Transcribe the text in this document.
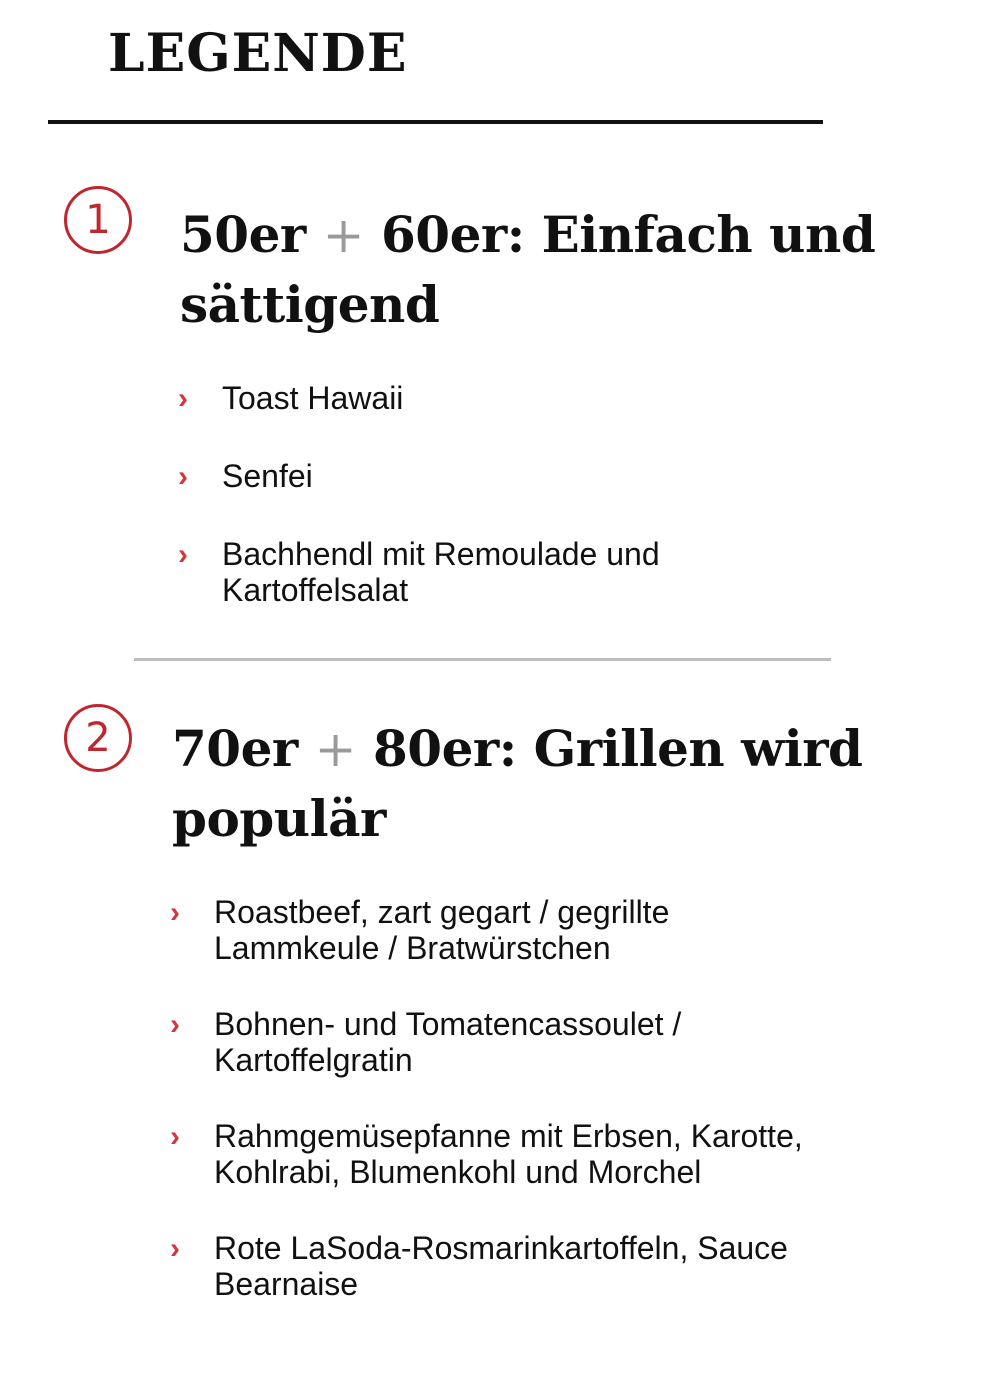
LEGENDE
1	50er + 60er: Einfach und sättigend
› Toast Hawaii
› Senfei
› Bachhendl mit Remoulade und Kartoffelsalat
2	70er + 80er: Grillen wird populär
› Roastbeef, zart gegart / gegrillte Lammkeule / Bratwürstchen
› Bohnen- und Tomatencassoulet / Kartoffelgratin
› Rahmgemüsepfanne mit Erbsen, Karotte, Kohlrabi, Blumenkohl und Morchel
› Rote LaSoda-Rosmarinkartoffeln, Sauce Bearnaise
